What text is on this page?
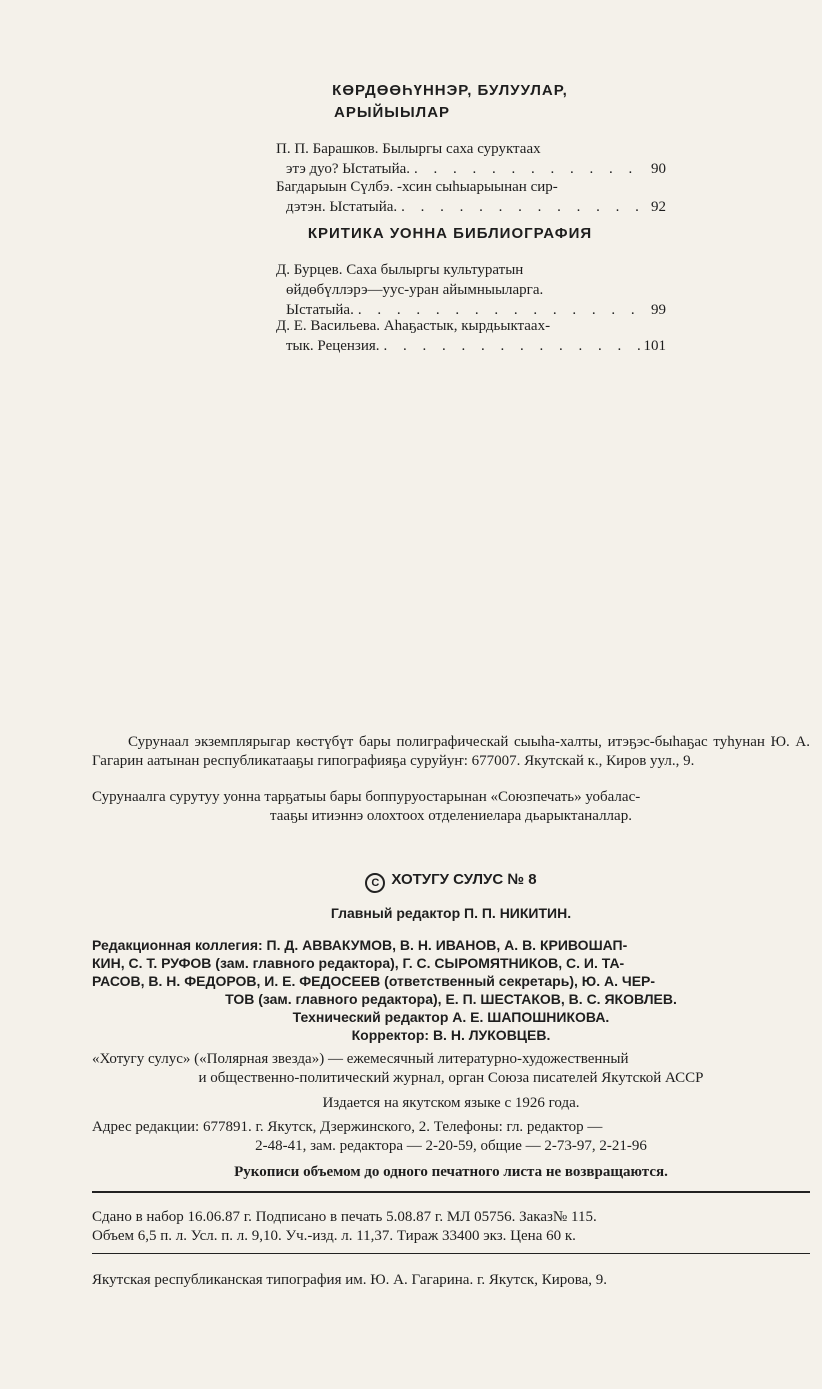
КӨРДӨӨҺҮННЭР, БУЛУУЛАР,
АРЫЙЫЫЛАР
П. П. Барашков. Былыргы саха суруктаах
этэ дуо? Ыстатыйа. . . .	90
Багдарыын Сүлбэ. -хсин сыһыарыынан сир-
дэтэн. Ыстатыйа. . . .	92
КРИТИКА УОННА БИБЛИОГРАФИЯ
Д. Бурцев. Саха былыргы культуратын
өйдөбүллэрэ—уус-уран айымныыларга.
Ыстатыйа. . . .	99
Д. Е. Васильева. Аһаҕастык, кырдьыктаах-
тык. Рецензия. . . .	101
Сурунаал экземплярыгар көстүбүт бары полиграфическай сыыһа-халты, итэҕэс-быһаҕас туһунан Ю. А. Гагарин аатынан республикатааҕы гипографияҕа суруйуҥ: 677007. Якутскай к., Киров уул., 9.
Сурунаалга сурутуу уонна тарҕатыы бары боппуруостарынан «Союзпечать» уобалас-
тааҕы итиэннэ олохтоох отделениелара дьарыктаналлар.
С ХОТУГУ СУЛУС № 8
Главный редактор П. П. НИКИТИН.
Редакционная коллегия: П. Д. АВВАКУМОВ, В. Н. ИВАНОВ, А. В. КРИВОШАП-
КИН, С. Т. РУФОВ (зам. главного редактора), Г. С. СЫРОМЯТНИКОВ, С. И. ТА-
РАСОВ, В. Н. ФЕДОРОВ, И. Е. ФЕДОСЕЕВ (ответственный секретарь), Ю. А. ЧЕР-
ТОВ (зам. главного редактора), Е. П. ШЕСТАКОВ, В. С. ЯКОВЛЕВ.
Технический редактор А. Е. ШАПОШНИКОВА.
Корректор: В. Н. ЛУКОВЦЕВ.
«Хотугу сулус» («Полярная звезда») — ежемесячный литературно-художественный
и общественно-политический журнал, орган Союза писателей Якутской АССР
Издается на якутском языке с 1926 года.
Адрес редакции: 677891. г. Якутск, Дзержинского, 2. Телефоны: гл. редактор —
2-48-41, зам. редактора — 2-20-59, общие — 2-73-97, 2-21-96
Рукописи объемом до одного печатного листа не возвращаются.
Сдано в набор 16.06.87 г. Подписано в печать 5.08.87 г. МЛ 05756. Заказ№ 115.
Объем 6,5 п. л. Усл. п. л. 9,10. Уч.-изд. л. 11,37. Тираж 33400 экз. Цена 60 к.
Якутская республиканская типография им. Ю. А. Гагарина. г. Якутск, Кирова, 9.
